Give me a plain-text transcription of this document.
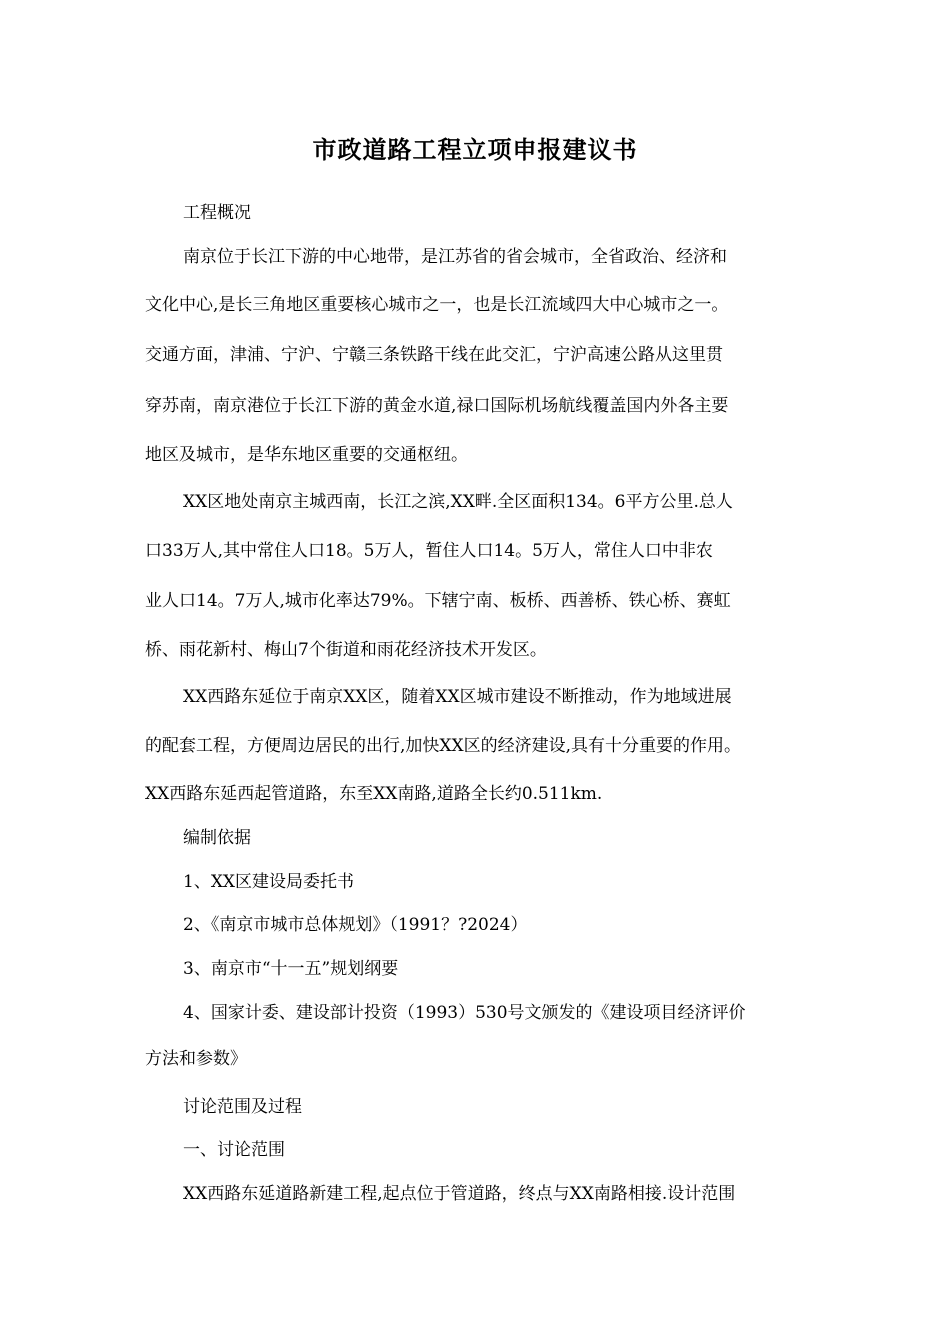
市政道路工程立项申报建议书
工程概况
南京位于长江下游的中心地带，是江苏省的省会城市，全省政治、经济和
文化中心,是长三角地区重要核心城市之一，也是长江流域四大中心城市之一。
交通方面，津浦、宁沪、宁赣三条铁路干线在此交汇，宁沪高速公路从这里贯
穿苏南，南京港位于长江下游的黄金水道,禄口国际机场航线覆盖国内外各主要
地区及城市，是华东地区重要的交通枢纽。
XX区地处南京主城西南，长江之滨,XX畔.全区面积134。6平方公里.总人
口33万人,其中常住人口18。5万人，暂住人口14。5万人，常住人口中非农
业人口14。7万人,城市化率达79%。下辖宁南、板桥、西善桥、铁心桥、赛虹
桥、雨花新村、梅山7个街道和雨花经济技术开发区。
XX西路东延位于南京XX区，随着XX区城市建设不断推动，作为地域进展
的配套工程，方便周边居民的出行,加快XX区的经济建设,具有十分重要的作用。
XX西路东延西起管道路，东至XX南路,道路全长约0.511km.
编制依据
1、XX区建设局委托书
2、《南京市城市总体规划》（1991？?2024）
3、南京市“十一五”规划纲要
4、国家计委、建设部计投资（1993）530号文颁发的《建设项目经济评价
方法和参数》
讨论范围及过程
一、讨论范围
XX西路东延道路新建工程,起点位于管道路，终点与XX南路相接.设计范围
